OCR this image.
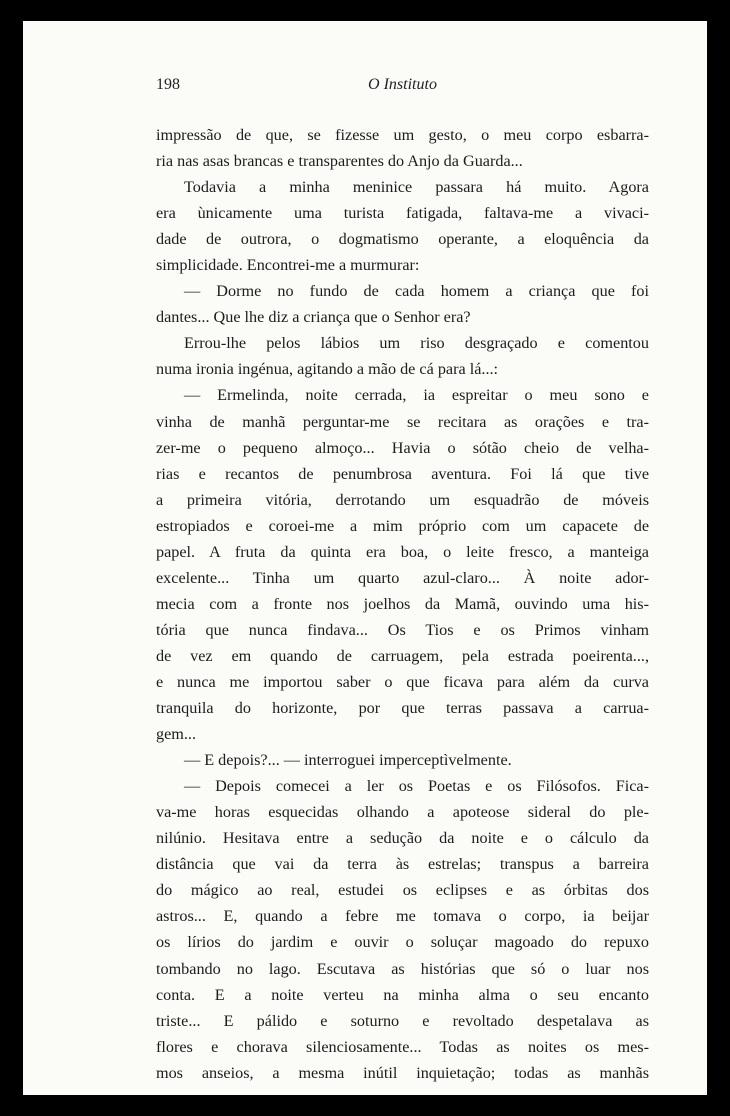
198	O Instituto
impressão de que, se fizesse um gesto, o meu corpo esbarra-
ria nas asas brancas e transparentes do Anjo da Guarda...
Todavia a minha meninice passara há muito. Agora
era ùnicamente uma turista fatigada, faltava-me a vivaci-
dade de outrora, o dogmatismo operante, a eloquência da
simplicidade. Encontrei-me a murmurar:
— Dorme no fundo de cada homem a criança que foi
dantes... Que lhe diz a criança que o Senhor era?
Errou-lhe pelos lábios um riso desgraçado e comentou
numa ironia ingénua, agitando a mão de cá para lá...:
— Ermelinda, noite cerrada, ia espreitar o meu sono e
vinha de manhã perguntar-me se recitara as orações e tra-
zer-me o pequeno almoço... Havia o sótão cheio de velha-
rias e recantos de penumbrosa aventura. Foi lá que tive
a primeira vitória, derrotando um esquadrão de móveis
estropiados e coroei-me a mim próprio com um capacete de
papel. A fruta da quinta era boa, o leite fresco, a manteiga
excelente... Tinha um quarto azul-claro... À noite ador-
mecia com a fronte nos joelhos da Mamã, ouvindo uma his-
tória que nunca findava... Os Tios e os Primos vinham
de vez em quando de carruagem, pela estrada poeirenta...,
e nunca me importou saber o que ficava para além da curva
tranquila do horizonte, por que terras passava a carrua-
gem...
— E depois?... — interroguei imperceptìvelmente.
— Depois comecei a ler os Poetas e os Filósofos. Fica-
va-me horas esquecidas olhando a apoteose sideral do ple-
nilúnio. Hesitava entre a sedução da noite e o cálculo da
distância que vai da terra às estrelas; transpus a barreira
do mágico ao real, estudei os eclipses e as órbitas dos
astros... E, quando a febre me tomava o corpo, ia beijar
os lírios do jardim e ouvir o soluçar magoado do repuxo
tombando no lago. Escutava as histórias que só o luar nos
conta. E a noite verteu na minha alma o seu encanto
triste... E pálido e soturno e revoltado despetalava as
flores e chorava silenciosamente... Todas as noites os mes-
mos anseios, a mesma inútil inquietação; todas as manhãs
